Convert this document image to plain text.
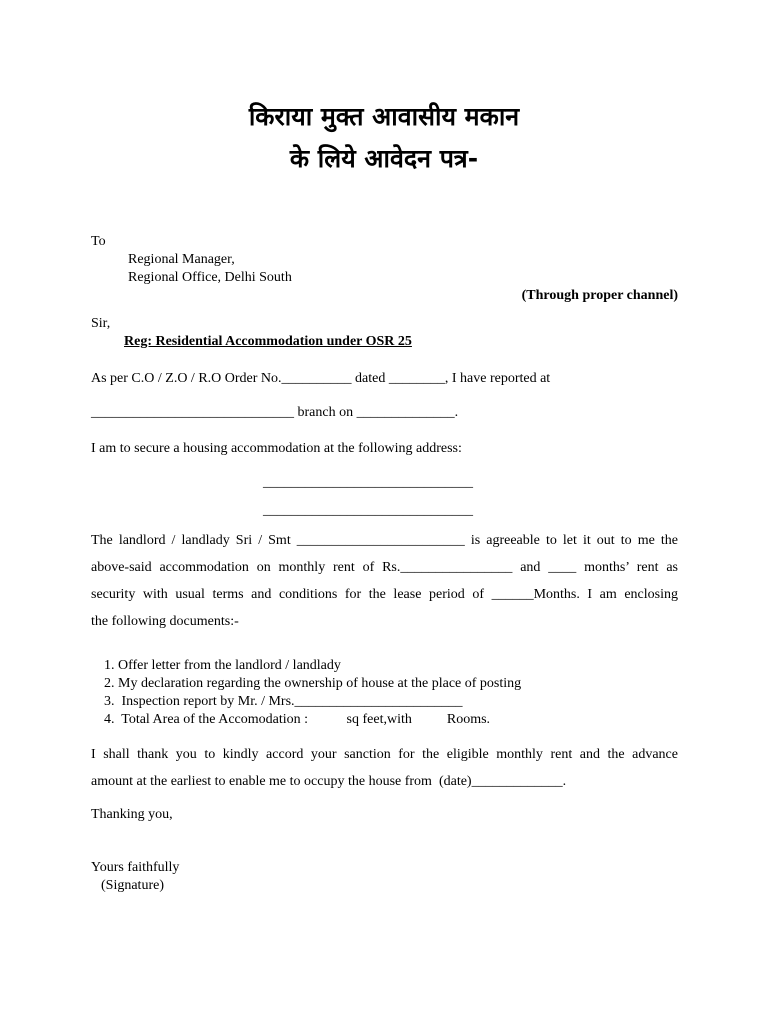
किराया मुक्त आवासीय मकान
के लिये आवेदन पत्र-
To
Regional Manager,
Regional Office, Delhi South
(Through proper channel)
Sir,
Reg: Residential Accommodation under OSR 25
As per C.O / Z.O / R.O Order No.__________ dated ________, I have reported at
_____________________________ branch on ______________.
I am to secure a housing accommodation at the following address:
______________________________
______________________________
The landlord / landlady Sri / Smt ________________________ is agreeable to let it out to me the
above-said accommodation on monthly rent of Rs.________________ and ____ months’ rent as
security with usual terms and conditions for the lease period of ______Months. I am enclosing
the following documents:-
1. Offer letter from the landlord / landlady
2. My declaration regarding the ownership of house at the place of posting
3.  Inspection report by Mr. / Mrs.________________________
4.  Total Area of the Accomodation :           sq feet,with          Rooms.
I shall thank you to kindly accord your sanction for the eligible monthly rent and the advance
amount at the earliest to enable me to occupy the house from  (date)_____________.
Thanking you,
Yours faithfully
(Signature)
